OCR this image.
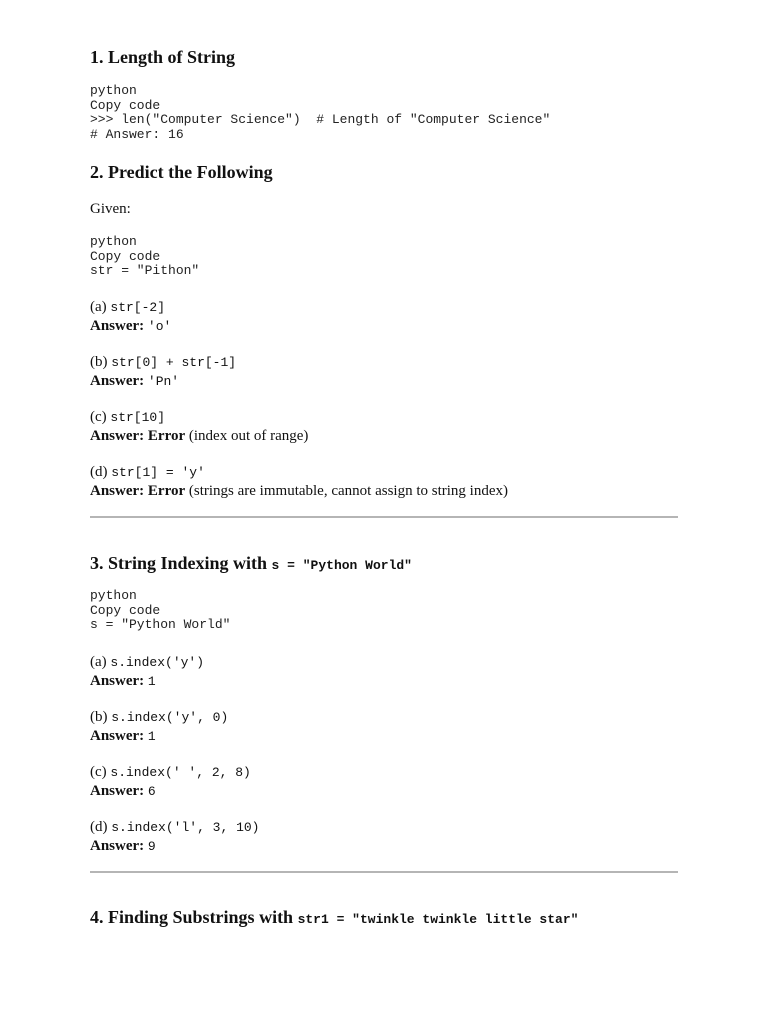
1. Length of String
python
Copy code
>>> len("Computer Science")  # Length of "Computer Science"
# Answer: 16
2. Predict the Following

Given:

python
Copy code
str = "Pithon"

(a) str[-2]

Answer: 'o'

(b) str[0] + str[-1]

Answer: 'Pn'

(c) str[10]

Answer: Error (index out of range)

(d) str[1] = 'y'

Answer: Error (strings are immutable, cannot assign to string index)

3. String Indexing with s = "Python World"
python
Copy code
s = "Python World"

(a) s.index('y')

Answer: 1

(b) s.index('y', 0)

Answer: 1

(c) s.index(' ', 2, 8)

Answer: 6

(d) s.index('l', 3, 10)

Answer: 9

4. Finding Substrings with str1 = "twinkle twinkle little star"
